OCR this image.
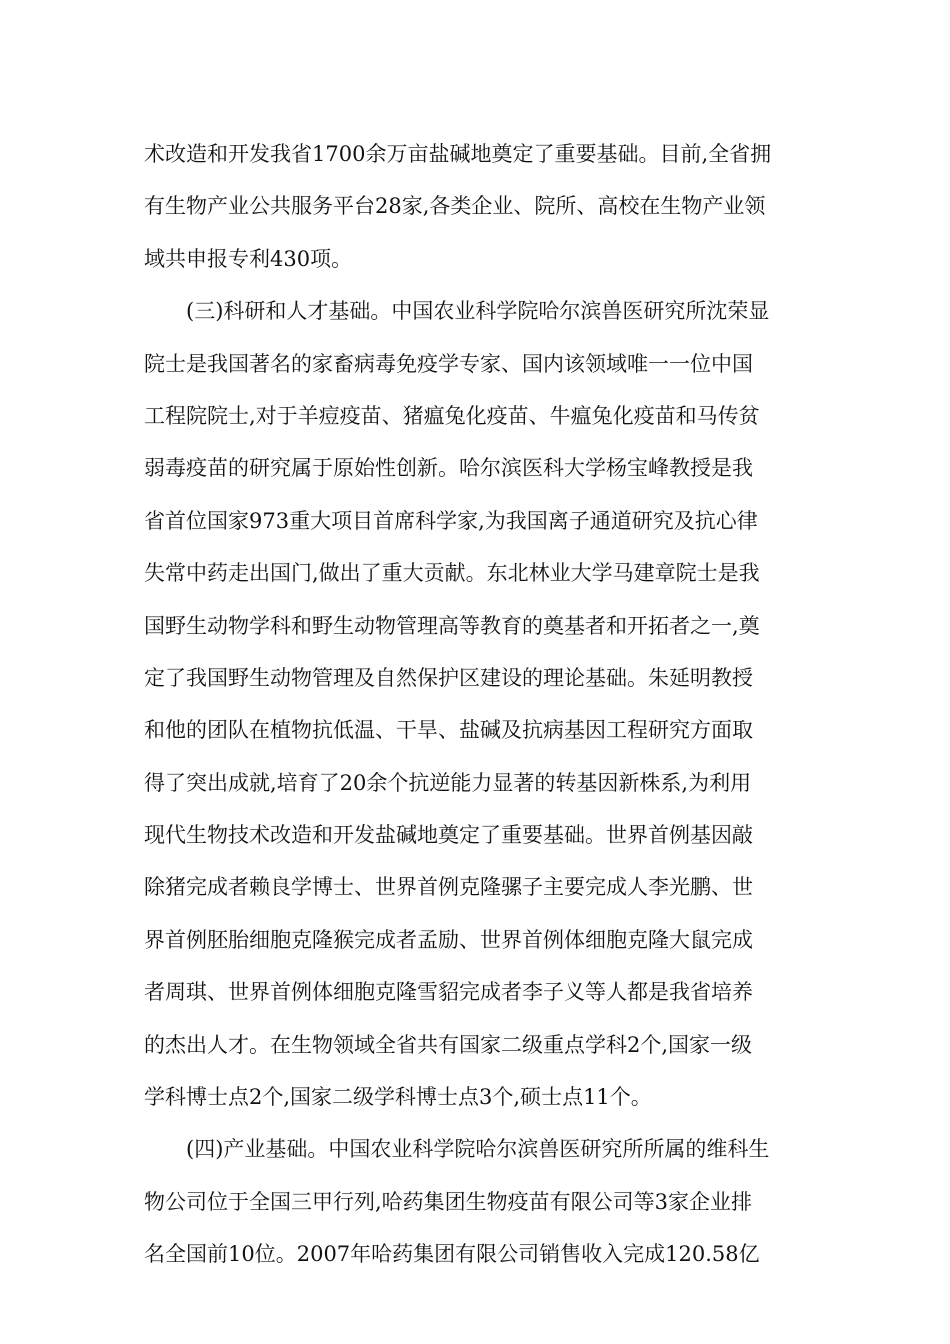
术改造和开发我省1700余万亩盐碱地奠定了重要基础。目前,全省拥
有生物产业公共服务平台28家,各类企业、院所、高校在生物产业领
域共申报专利430项。
(三)科研和人才基础。中国农业科学院哈尔滨兽医研究所沈荣显
院士是我国著名的家畜病毒免疫学专家、国内该领域唯一一位中国
工程院院士,对于羊痘疫苗、猪瘟兔化疫苗、牛瘟兔化疫苗和马传贫
弱毒疫苗的研究属于原始性创新。哈尔滨医科大学杨宝峰教授是我
省首位国家973重大项目首席科学家,为我国离子通道研究及抗心律
失常中药走出国门,做出了重大贡献。东北林业大学马建章院士是我
国野生动物学科和野生动物管理高等教育的奠基者和开拓者之一,奠
定了我国野生动物管理及自然保护区建设的理论基础。朱延明教授
和他的团队在植物抗低温、干旱、盐碱及抗病基因工程研究方面取
得了突出成就,培育了20余个抗逆能力显著的转基因新株系,为利用
现代生物技术改造和开发盐碱地奠定了重要基础。世界首例基因敲
除猪完成者赖良学博士、世界首例克隆骡子主要完成人李光鹏、世
界首例胚胎细胞克隆猴完成者孟励、世界首例体细胞克隆大鼠完成
者周琪、世界首例体细胞克隆雪貂完成者李子义等人都是我省培养
的杰出人才。在生物领域全省共有国家二级重点学科2个,国家一级
学科博士点2个,国家二级学科博士点3个,硕士点11个。
(四)产业基础。中国农业科学院哈尔滨兽医研究所所属的维科生
物公司位于全国三甲行列,哈药集团生物疫苗有限公司等3家企业排
名全国前10位。2007年哈药集团有限公司销售收入完成120.58亿
